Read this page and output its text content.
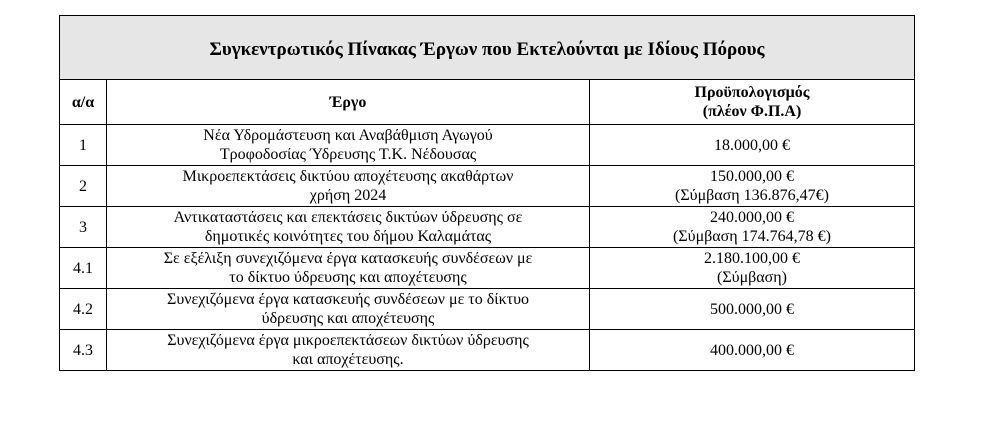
Συγκεντρωτικός Πίνακας Έργων που Εκτελούνται με Ιδίους Πόρους		
α/α	Έργο	Προϋπολογισμός
(πλέον Φ.Π.Α)

1	Νέα Υδρομάστευση και Αναβάθμιση Αγωγού
Τροφοδοσίας Ύδρευσης Τ.Κ. Νέδουσας	18.000,00 €

2	Μικροεπεκτάσεις δικτύου αποχέτευσης ακαθάρτων
χρήση 2024	150.000,00 €
(Σύμβαση 136.876,47€)

3	Αντικαταστάσεις και επεκτάσεις δικτύων ύδρευσης σε
δημοτικές κοινότητες του δήμου Καλαμάτας	240.000,00 €
(Σύμβαση 174.764,78 €)

4.1	Σε εξέλιξη συνεχιζόμενα έργα κατασκευής συνδέσεων με
το δίκτυο ύδρευσης και αποχέτευσης	2.180.100,00 €
(Σύμβαση)

4.2	Συνεχιζόμενα έργα κατασκευής συνδέσεων με το δίκτυο
ύδρευσης και αποχέτευσης	500.000,00 €

4.3	Συνεχιζόμενα έργα μικροεπεκτάσεων δικτύων ύδρευσης
και αποχέτευσης.	400.000,00 €
